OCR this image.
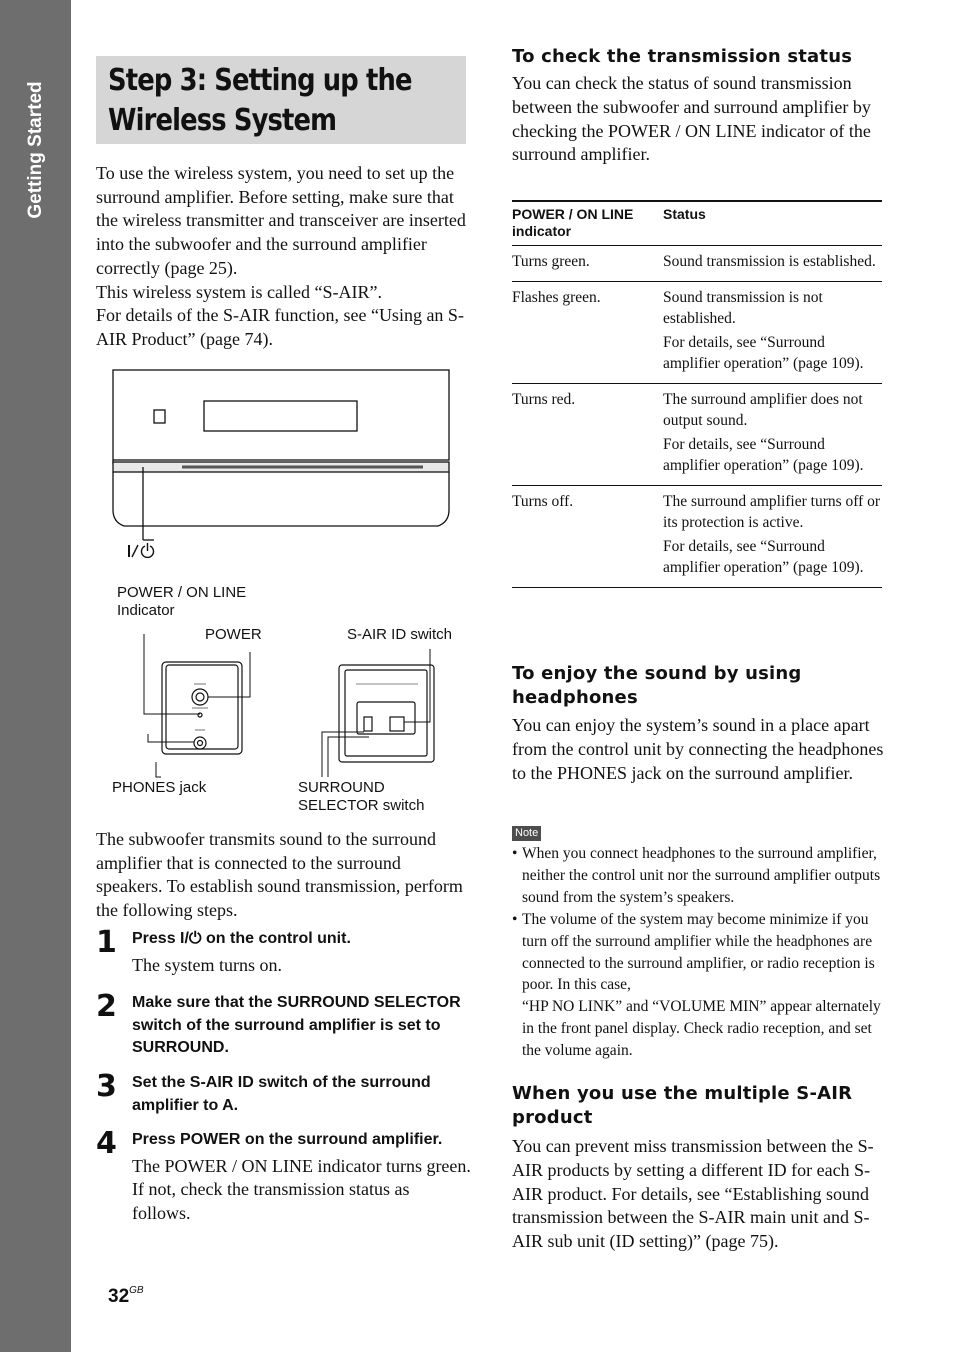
Getting Started
Step 3: Setting up the Wireless System

To use the wireless system, you need to set up the surround amplifier. Before setting, make sure that the wireless transmitter and transceiver are inserted into the subwoofer and the surround amplifier correctly (page 25).

This wireless system is called “S-AIR”.

For details of the S-AIR function, see “Using an S-AIR Product” (page 74).

POWER / ON LINE
Indicator
POWER	S-AIR ID switch
PHONES jack	SURROUND
SELECTOR switch

The subwoofer transmits sound to the surround amplifier that is connected to the surround speakers. To establish sound transmission, perform the following steps.

1 Press I/⏻ on the control unit.
The system turns on.
2 Make sure that the SURROUND SELECTOR switch of the surround amplifier is set to SURROUND.
3 Set the S-AIR ID switch of the surround amplifier to A.
4 Press POWER on the surround amplifier.
The POWER / ON LINE indicator turns green. If not, check the transmission status as follows.
$32^{GB}$
To check the transmission status

You can check the status of sound transmission between the subwoofer and surround amplifier by checking the POWER / ON LINE indicator of the surround amplifier.

POWER / ON LINE indicator	Status
Turns green.	Sound transmission is established.

Flashes green.	Sound transmission is not established.

For details, see “Surround amplifier operation” (page 109).

Turns red.	The surround amplifier does not output sound.

For details, see “Surround amplifier operation” (page 109).

Turns off.	The surround amplifier turns off or its protection is active.

For details, see “Surround amplifier operation” (page 109).

To enjoy the sound by using headphones

You can enjoy the system’s sound in a place apart from the control unit by connecting the headphones to the PHONES jack on the surround amplifier.

Note

• When you connect headphones to the surround amplifier, neither the control unit nor the surround amplifier outputs sound from the system’s speakers.

• The volume of the system may become minimize if you turn off the surround amplifier while the headphones are connected to the surround amplifier, or radio reception is poor. In this case,

“HP NO LINK” and “VOLUME MIN” appear alternately in the front panel display. Check radio reception, and set the volume again.

When you use the multiple S-AIR product

You can prevent miss transmission between the S-AIR products by setting a different ID for each S-AIR product. For details, see “Establishing sound transmission between the S-AIR main unit and S-AIR sub unit (ID setting)” (page 75).
